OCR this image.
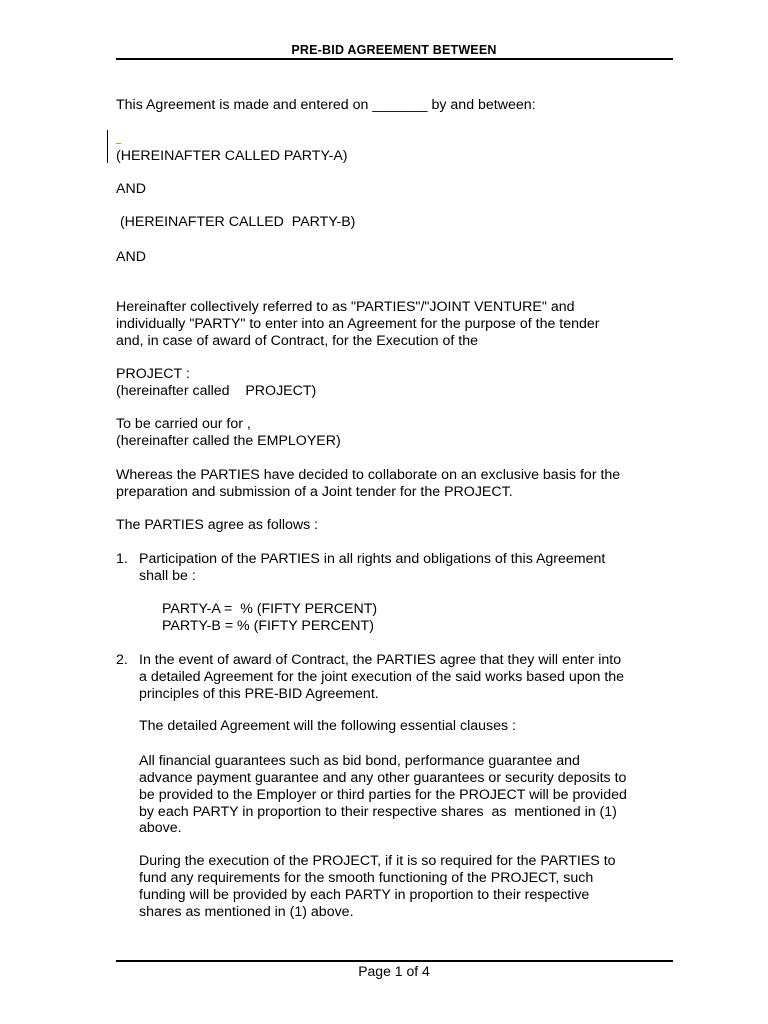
PRE-BID AGREEMENT BETWEEN
This Agreement is made and entered on _______ by and between:
(HEREINAFTER CALLED PARTY-A)
AND
(HEREINAFTER CALLED  PARTY-B)
AND
Hereinafter collectively referred to as "PARTIES"/"JOINT VENTURE" and
individually "PARTY" to enter into an Agreement for the purpose of the tender
and, in case of award of Contract, for the Execution of the
PROJECT :
(hereinafter called    PROJECT)
To be carried our for ,
(hereinafter called the EMPLOYER)
Whereas the PARTIES have decided to collaborate on an exclusive basis for the
preparation and submission of a Joint tender for the PROJECT.
The PARTIES agree as follows :
1. Participation of the PARTIES in all rights and obligations of this Agreement
shall be :
PARTY-A =  % (FIFTY PERCENT)
PARTY-B = % (FIFTY PERCENT)
2. In the event of award of Contract, the PARTIES agree that they will enter into
a detailed Agreement for the joint execution of the said works based upon the
principles of this PRE-BID Agreement.
The detailed Agreement will the following essential clauses :
All financial guarantees such as bid bond, performance guarantee and
advance payment guarantee and any other guarantees or security deposits to
be provided to the Employer or third parties for the PROJECT will be provided
by each PARTY in proportion to their respective shares  as  mentioned in (1)
above.
During the execution of the PROJECT, if it is so required for the PARTIES to
fund any requirements for the smooth functioning of the PROJECT, such
funding will be provided by each PARTY in proportion to their respective
shares as mentioned in (1) above.
Page 1 of 4
